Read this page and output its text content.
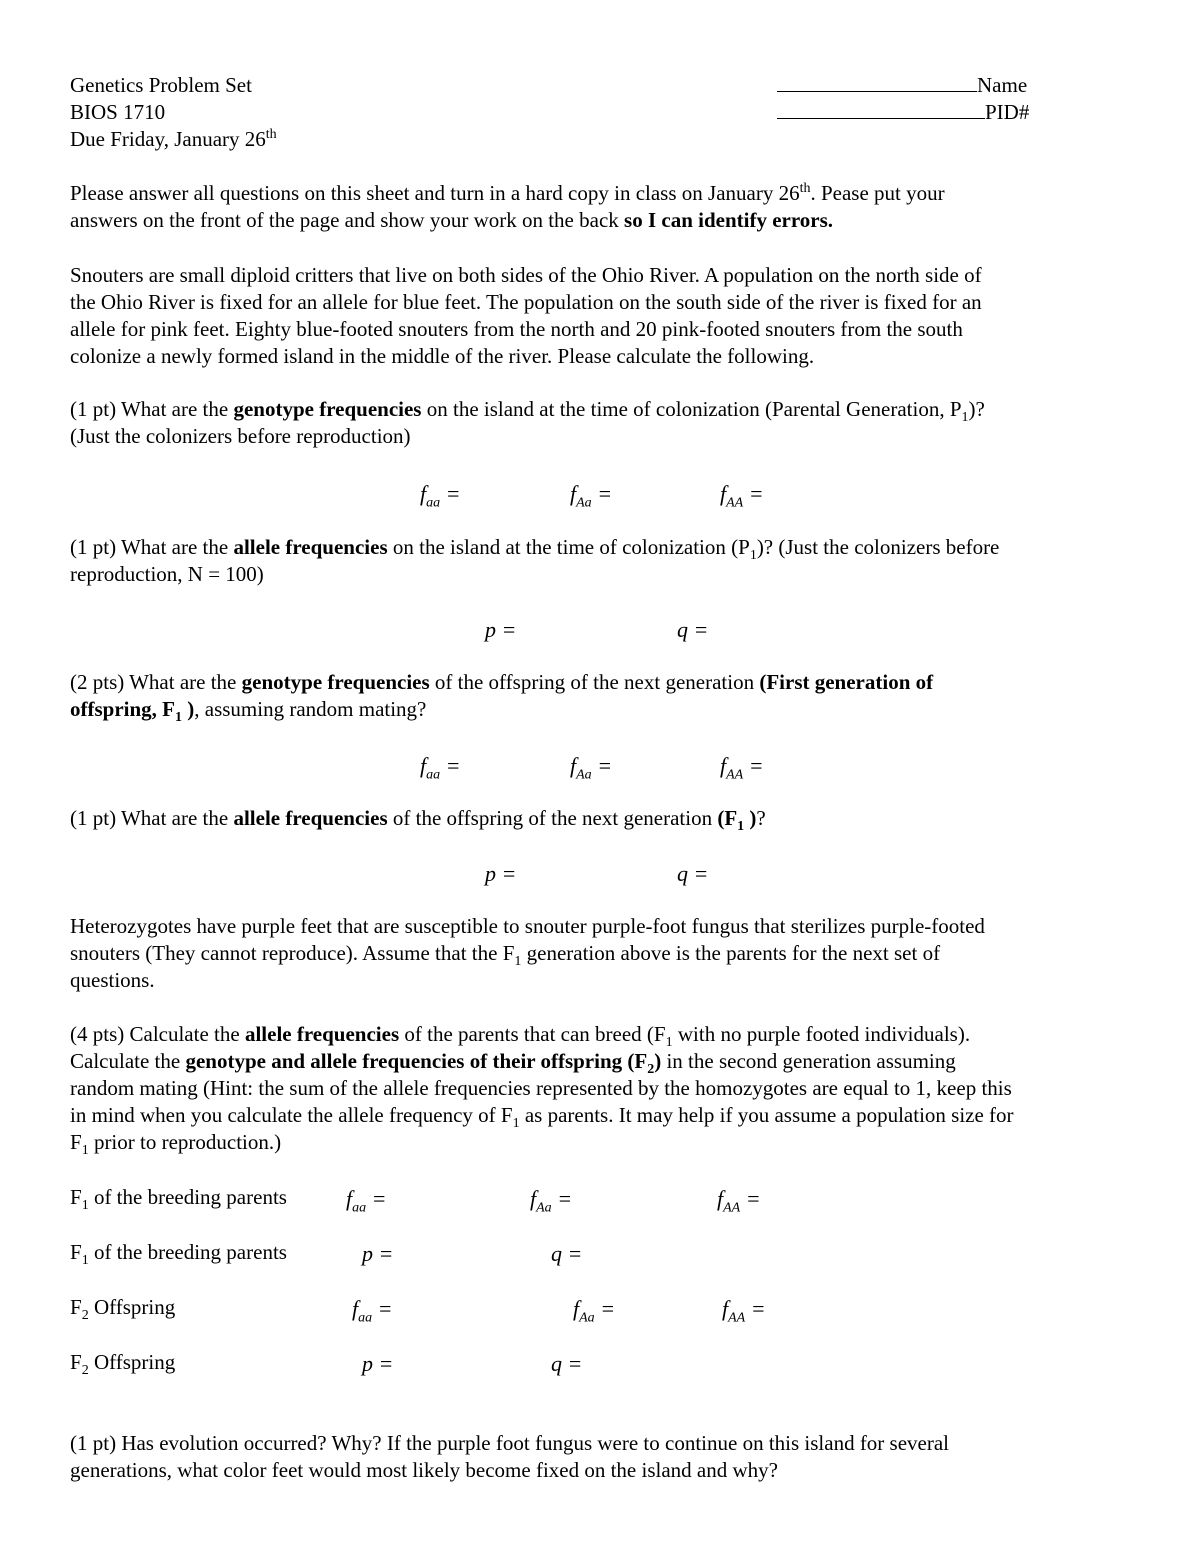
Genetics Problem Set
BIOS 1710
Due Friday, January 26th
Name
PID#
Please answer all questions on this sheet and turn in a hard copy in class on January 26th. Pease put your
answers on the front of the page and show your work on the back so I can identify errors.
Snouters are small diploid critters that live on both sides of the Ohio River. A population on the north side of
the Ohio River is fixed for an allele for blue feet. The population on the south side of the river is fixed for an
allele for pink feet. Eighty blue-footed snouters from the north and 20 pink-footed snouters from the south
colonize a newly formed island in the middle of the river. Please calculate the following.
(1 pt) What are the genotype frequencies on the island at the time of colonization (Parental Generation, $P_1$)?
(Just the colonizers before reproduction)
$f_{aa}$ =	$f_{Aa}$ =	$f_{AA}$ =
(1 pt) What are the allele frequencies on the island at the time of colonization $(P_1)$? (Just the colonizers before
reproduction, N = 100)
p =	q =
(2 pts) What are the genotype frequencies of the offspring of the next generation (First generation of
offspring, $F_1$ ), assuming random mating?
$f_{aa}$ =	$f_{Aa}$ =	$f_{AA}$ =
(1 pt) What are the allele frequencies of the offspring of the next generation ($F_1$ )?
p =	q =
Heterozygotes have purple feet that are susceptible to snouter purple-foot fungus that sterilizes purple-footed
snouters (They cannot reproduce). Assume that the $F_1$ generation above is the parents for the next set of
questions.
(4 pts) Calculate the allele frequencies of the parents that can breed ($F_1$ with no purple footed individuals).
Calculate the genotype and allele frequencies of their offspring $(F_2)$ in the second generation assuming
random mating (Hint: the sum of the allele frequencies represented by the homozygotes are equal to 1, keep this
in mind when you calculate the allele frequency of $F_1$ as parents. It may help if you assume a population size for
$F_1$ prior to reproduction.)
$F_1$ of the breeding parents	$f_{aa}$ =	$f_{Aa}$ =	$f_{AA}$ =
$F_1$ of the breeding parents	p =	q =
$F_2$ Offspring	$f_{aa}$ =	$f_{Aa}$ =	$f_{AA}$ =
$F_2$ Offspring	p =	q =
(1 pt) Has evolution occurred? Why? If the purple foot fungus were to continue on this island for several
generations, what color feet would most likely become fixed on the island and why?
